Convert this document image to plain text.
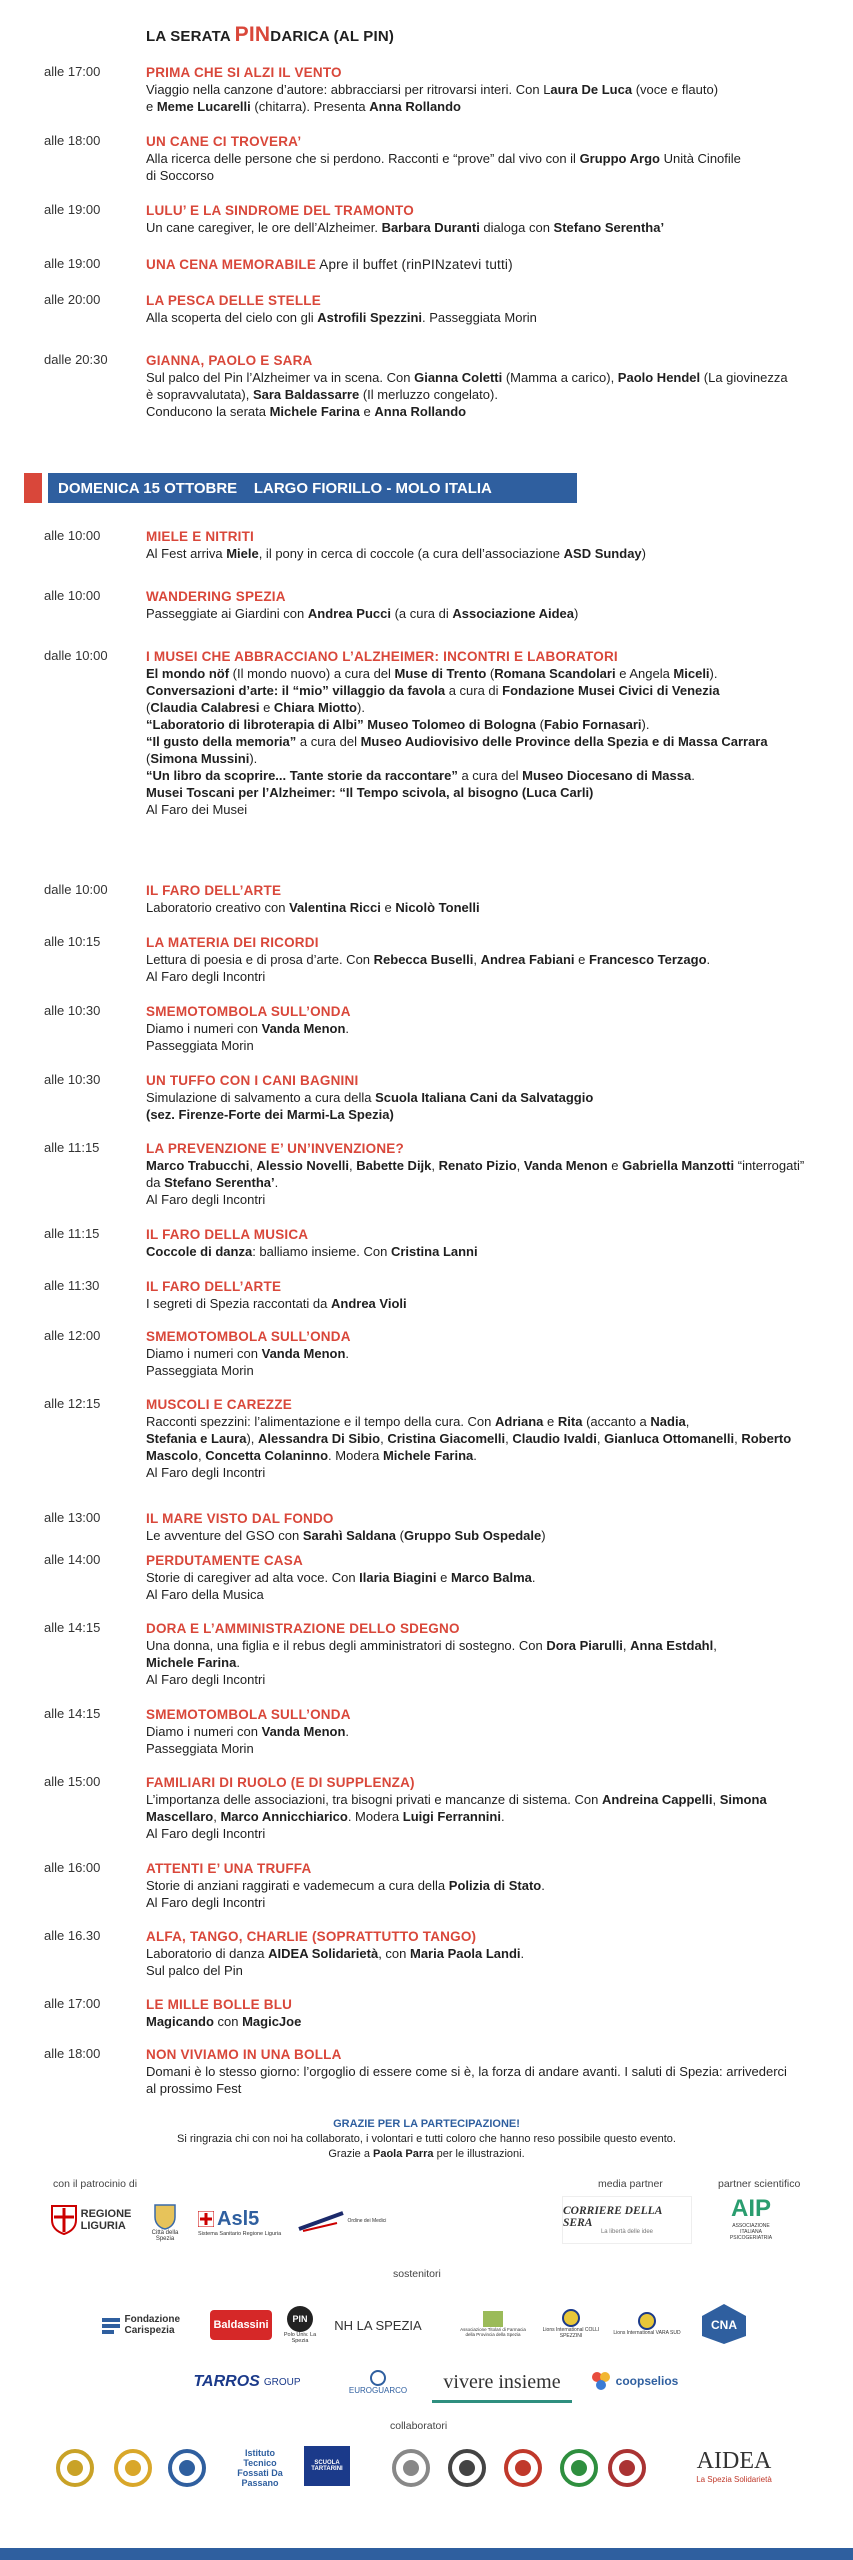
LA SERATA PINDARICA (AL PIN)
alle 17:00	PRIMA CHE SI ALZI IL VENTO
Viaggio nella canzone d’autore: abbracciarsi per ritrovarsi interi. Con Laura De Luca (voce e flauto)
e Meme Lucarelli (chitarra). Presenta Anna Rollando
alle 18:00	UN CANE CI TROVERA’
Alla ricerca delle persone che si perdono. Racconti e “prove” dal vivo con il Gruppo Argo Unità Cinofile
di Soccorso
alle 19:00	LULU’ E LA SINDROME DEL TRAMONTO
Un cane caregiver, le ore dell’Alzheimer. Barbara Duranti dialoga con Stefano Serentha’
alle 19:00	UNA CENA MEMORABILE Apre il buffet (rinPINzatevi tutti)
alle 20:00	LA PESCA DELLE STELLE
Alla scoperta del cielo con gli Astrofili Spezzini. Passeggiata Morin
dalle 20:30	GIANNA, PAOLO E SARA
Sul palco del Pin l’Alzheimer va in scena. Con Gianna Coletti (Mamma a carico), Paolo Hendel (La giovinezza
è sopravvalutata), Sara Baldassarre (Il merluzzo congelato).
Conducono la serata Michele Farina e Anna Rollando
DOMENICA 15 OTTOBRE    LARGO FIORILLO - MOLO ITALIA
alle 10:00	MIELE E NITRITI
Al Fest arriva Miele, il pony in cerca di coccole (a cura dell’associazione ASD Sunday)
alle 10:00	WANDERING SPEZIA
Passeggiate ai Giardini con Andrea Pucci (a cura di Associazione Aidea)
dalle 10:00	I MUSEI CHE ABBRACCIANO L’ALZHEIMER: INCONTRI E LABORATORI
El mondo nöf (Il mondo nuovo) a cura del Muse di Trento (Romana Scandolari e Angela Miceli).
Conversazioni d’arte: il “mio” villaggio da favola a cura di Fondazione Musei Civici di Venezia
(Claudia Calabresi e Chiara Miotto).
“Laboratorio di libroterapia di Albi” Museo Tolomeo di Bologna (Fabio Fornasari).
“Il gusto della memoria” a cura del Museo Audiovisivo delle Province della Spezia e di Massa Carrara
(Simona Mussini).
“Un libro da scoprire... Tante storie da raccontare” a cura del Museo Diocesano di Massa.
Musei Toscani per l’Alzheimer: “Il Tempo scivola, al bisogno (Luca Carli)
Al Faro dei Musei
dalle 10:00	IL FARO DELL’ARTE
Laboratorio creativo con Valentina Ricci e Nicolò Tonelli
alle 10:15	LA MATERIA DEI RICORDI
Lettura di poesia e di prosa d’arte. Con Rebecca Buselli, Andrea Fabiani e Francesco Terzago.
Al Faro degli Incontri
alle 10:30	SMEMOTOMBOLA SULL’ONDA
Diamo i numeri con Vanda Menon.
Passeggiata Morin
alle 10:30	UN TUFFO CON I CANI BAGNINI
Simulazione di salvamento a cura della Scuola Italiana Cani da Salvataggio
(sez. Firenze-Forte dei Marmi-La Spezia)
alle 11:15	LA PREVENZIONE E’ UN’INVENZIONE?
Marco Trabucchi, Alessio Novelli, Babette Dijk, Renato Pizio, Vanda Menon e Gabriella Manzotti “interrogati”
da Stefano Serentha’.
Al Faro degli Incontri
alle 11:15	IL FARO DELLA MUSICA
Coccole di danza: balliamo insieme. Con Cristina Lanni
alle 11:30	IL FARO DELL’ARTE
I segreti di Spezia raccontati da Andrea Violi
alle 12:00	SMEMOTOMBOLA SULL’ONDA
Diamo i numeri con Vanda Menon.
Passeggiata Morin
alle 12:15	MUSCOLI E CAREZZE
Racconti spezzini: l’alimentazione e il tempo della cura. Con Adriana e Rita (accanto a Nadia,
Stefania e Laura), Alessandra Di Sibio, Cristina Giacomelli, Claudio Ivaldi, Gianluca Ottomanelli, Roberto
Mascolo, Concetta Colaninno. Modera Michele Farina.
Al Faro degli Incontri
alle 13:00	IL MARE VISTO DAL FONDO
Le avventure del GSO con Sarahì Saldana (Gruppo Sub Ospedale)
alle 14:00	PERDUTAMENTE CASA
Storie di caregiver ad alta voce. Con Ilaria Biagini e Marco Balma.
Al Faro della Musica
alle 14:15	DORA E L’AMMINISTRAZIONE DELLO SDEGNO
Una donna, una figlia e il rebus degli amministratori di sostegno. Con Dora Piarulli, Anna Estdahl,
Michele Farina.
Al Faro degli Incontri
alle 14:15	SMEMOTOMBOLA SULL’ONDA
Diamo i numeri con Vanda Menon.
Passeggiata Morin
alle 15:00	FAMILIARI DI RUOLO (E DI SUPPLENZA)
L’importanza delle associazioni, tra bisogni privati e mancanze di sistema. Con Andreina Cappelli, Simona
Mascellaro, Marco Annicchiarico. Modera Luigi Ferrannini.
Al Faro degli Incontri
alle 16:00	ATTENTI E’ UNA TRUFFA
Storie di anziani raggirati e vademecum a cura della Polizia di Stato.
Al Faro degli Incontri
alle 16.30	ALFA, TANGO, CHARLIE (SOPRATTUTTO TANGO)
Laboratorio di danza AIDEA Solidarietà, con Maria Paola Landi.
Sul palco del Pin
alle 17:00	LE MILLE BOLLE BLU
Magicando con MagicJoe
alle 18:00	NON VIVIAMO IN UNA BOLLA
Domani è lo stesso giorno: l’orgoglio di essere come si è, la forza di andare avanti. I saluti di Spezia: arrivederci
al prossimo Fest
GRAZIE PER LA PARTECIPAZIONE!
Si ringrazia chi con noi ha collaborato, i volontari e tutti coloro che hanno reso possibile questo evento.
Grazie a Paola Parra per le illustrazioni.
con il patrocinio di	media partner	partner scientifico
REGIONE
LIGURIA
Città della Spezia
Asl5
Sistema Sanitario Regione Liguria
Ordine dei Medici
CORRIERE DELLA SERA
La libertà delle idee
AIP
ASSOCIAZIONE ITALIANA PSICOGERIATRIA
sostenitori
Fondazione Carispezia	Baldassini	PIN
Polo Univ. La Spezia
NH LA SPEZIA	Associazione Titolari di Farmacia della Provincia della Spezia
Lions International COLLI SPEZZINI	Lions International VARA SUD
CNA
TARROS GROUP
EUROGUARCO	vivere insieme	coopselios
collaboratori
Istituto Tecnico Fossati Da Passano
SCUOLA TARTARINI	AIDEA
La Spezia Solidarietà
